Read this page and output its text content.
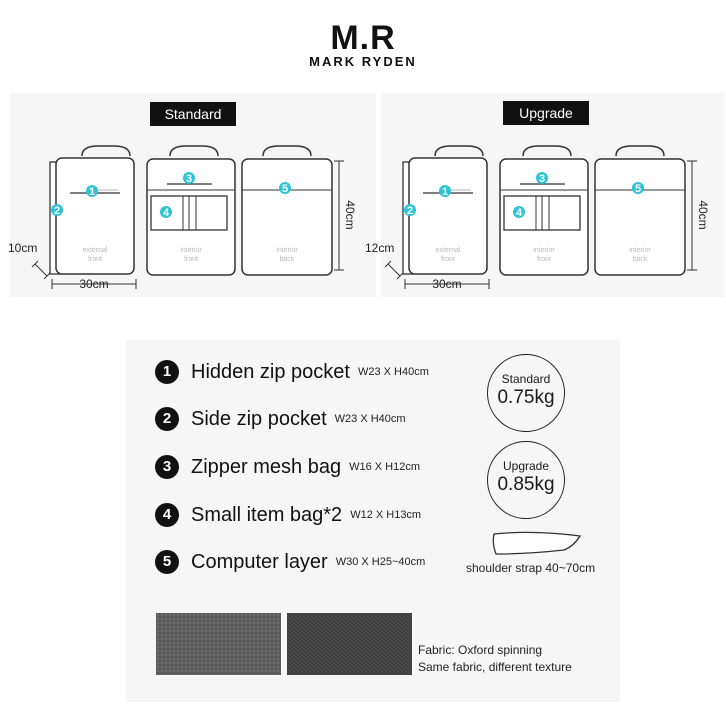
M.R
MARK RYDEN
Standard	Upgrade
1
2
3
4
5
40cm
10cm
30cm
1
2
3
4
5
40cm
12cm
30cm
1 Hidden zip pocket W23 X H40cm
2 Side zip pocket W23 X H40cm
3 Zipper mesh bag W16 X H12cm
4 Small item bag*2 W12 X H13cm
5 Computer layer W30 X H25~40cm
Standard
0.75kg
Upgrade
0.85kg
shoulder strap 40~70cm
Fabric: Oxford spinning
Same fabric, different texture
